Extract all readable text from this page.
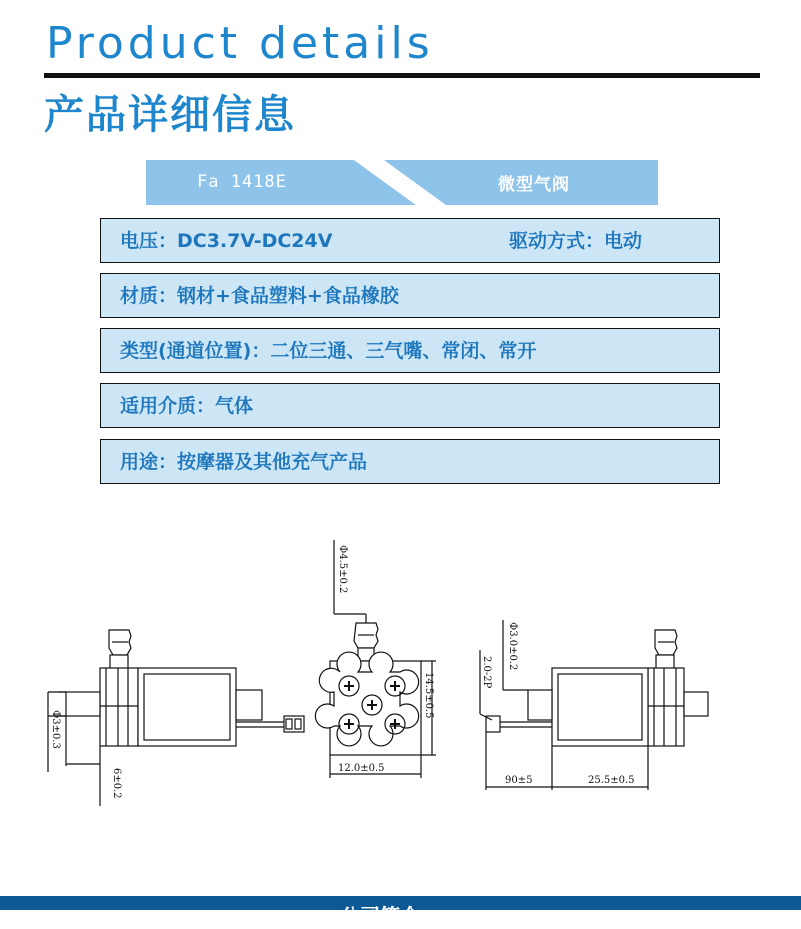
Product details
产品详细信息
Fa 1418E	微型气阀
电压：DC3.7V-DC24V	驱动方式：电动
材质：钢材+食品塑料+食品橡胶
类型(通道位置)：二位三通、三气嘴、常闭、常开
适用介质：气体
用途：按摩器及其他充气产品
Φ3±0.3
6±0.2
Φ4.5±0.2
14.5±0.5
12.0±0.5
Φ3.0±0.2
2.0-2P
90±5	25.5±0.5
公司简介
